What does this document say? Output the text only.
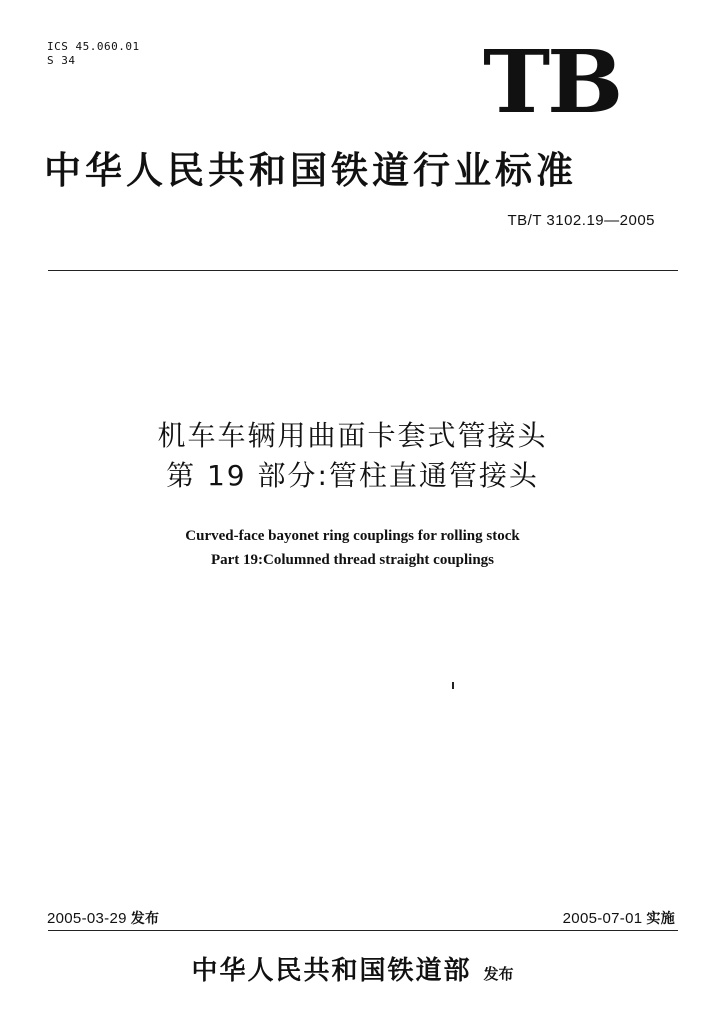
ICS 45.060.01
S 34	TB
中华人民共和国铁道行业标准
TB/T 3102.19—2005
机车车辆用曲面卡套式管接头
第 19 部分:管柱直通管接头
Curved-face bayonet ring couplings for rolling stock
Part 19:Columned thread straight couplings
2005-03-29 发布	2005-07-01 实施
中华人民共和国铁道部 发布
